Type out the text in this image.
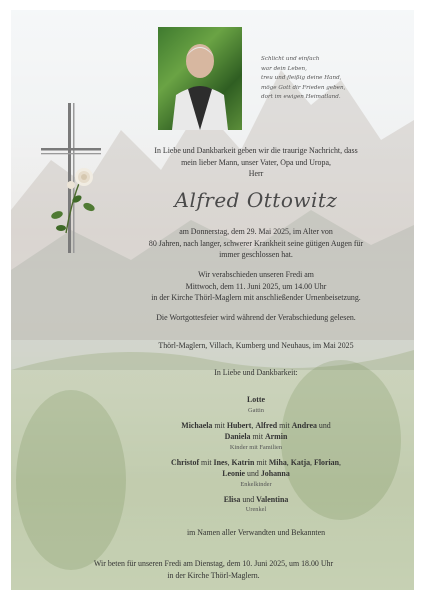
Schlicht und einfach
war dein Leben,
treu und fleißig deine Hand,
möge Gott dir Frieden geben,
dort im ewigen Heimatland.
In Liebe und Dankbarkeit geben wir die traurige Nachricht, dass
mein lieber Mann, unser Vater, Opa und Uropa,
Herr
Alfred Ottowitz
am Donnerstag, dem 29. Mai 2025, im Alter von
80 Jahren, nach langer, schwerer Krankheit seine gütigen Augen für
immer geschlossen hat.
Wir verabschieden unseren Fredi am
Mittwoch, dem 11. Juni 2025, um 14.00 Uhr
in der Kirche Thörl-Maglern mit anschließender Urnenbeisetzung.
Die Wortgottesfeier wird während der Verabschiedung gelesen.
Thörl-Maglern, Villach, Kumberg und Neuhaus, im Mai 2025
In Liebe und Dankbarkeit:
Lotte
Gattin
Michaela mit Hubert, Alfred mit Andrea und
Daniela mit Armin
Kinder mit Familien
Christof mit Ines, Katrin mit Miha, Katja, Florian,
Leonie und Johanna
Enkelkinder
Elisa und Valentina
Urenkel
im Namen aller Verwandten und Bekannten
Wir beten für unseren Fredi am Dienstag, dem 10. Juni 2025, um 18.00 Uhr
in der Kirche Thörl-Maglern.
